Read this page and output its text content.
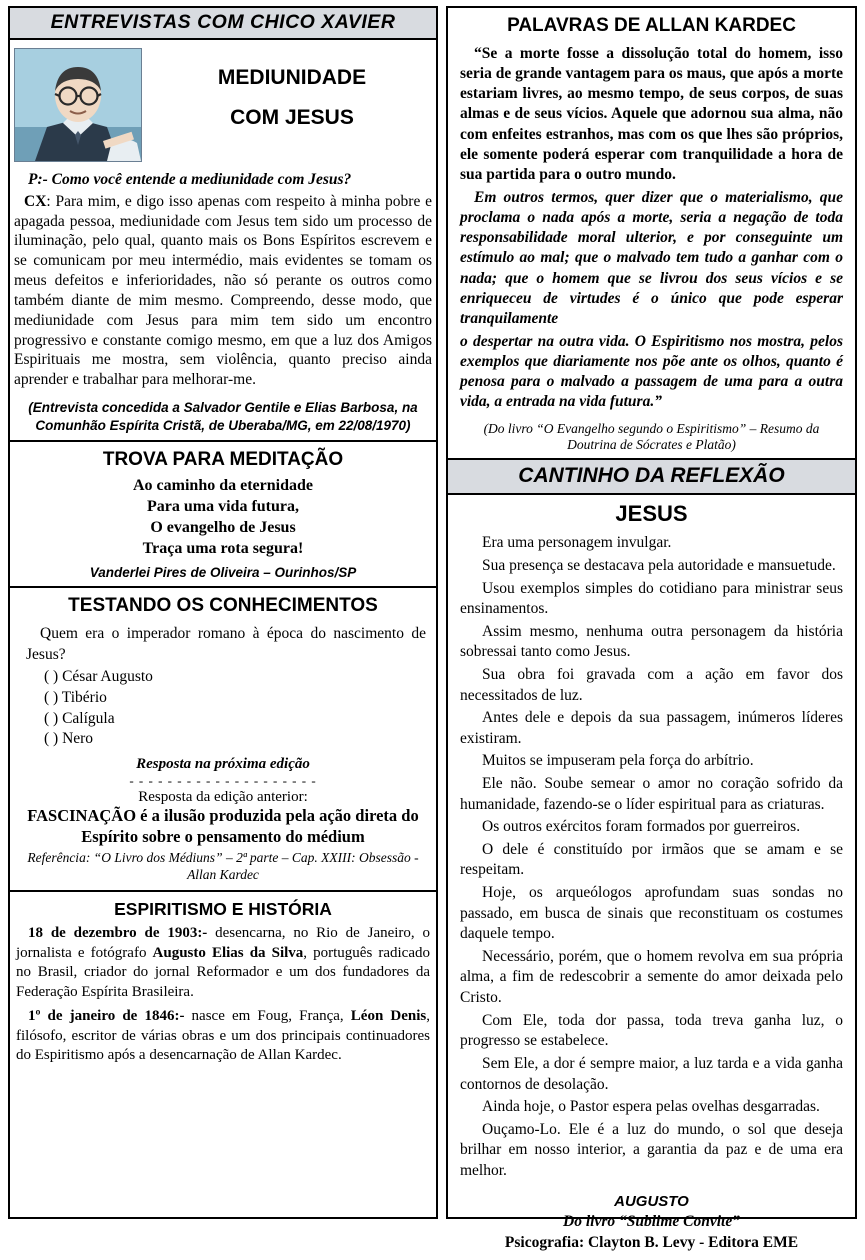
ENTREVISTAS COM CHICO XAVIER
MEDIUNIDADE
COM JESUS

P:- Como você entende a mediunidade com Jesus?

CX: Para mim, e digo isso apenas com respeito à minha pobre e apagada pessoa, mediunidade com Jesus tem sido um processo de iluminação, pelo qual, quanto mais os Bons Espíritos escrevem e se comunicam por meu intermédio, mais evidentes se tomam os meus defeitos e inferioridades, não só perante os outros como também diante de mim mesmo. Compreendo, desse modo, que mediunidade com Jesus para mim tem sido um encontro progressivo e constante comigo mesmo, em que a luz dos Amigos Espirituais me mostra, sem violência, quanto preciso ainda aprender e trabalhar para melhorar-me.

(Entrevista concedida a Salvador Gentile e Elias Barbosa, na Comunhão Espírita Cristã, de Uberaba/MG, em 22/08/1970)
TROVA PARA MEDITAÇÃO
Ao caminho da eternidade
Para uma vida futura,
O evangelho de Jesus
Traça uma rota segura!
Vanderlei Pires de Oliveira – Ourinhos/SP
TESTANDO OS CONHECIMENTOS
Quem era o imperador romano à época do nascimento de Jesus?
( ) César Augusto
( ) Tibério
( ) Calígula
( ) Nero
Resposta na próxima edição
- - - - - - - - - - - - - - - - - - - -
Resposta da edição anterior:
FASCINAÇÃO é a ilusão produzida pela ação direta do Espírito sobre o pensamento do médium
Referência: “O Livro dos Médiuns” – 2ª parte – Cap. XXIII: Obsessão - Allan Kardec
ESPIRITISMO E HISTÓRIA

18 de dezembro de 1903:- desencarna, no Rio de Janeiro, o jornalista e fotógrafo Augusto Elias da Silva, português radicado no Brasil, criador do jornal Reformador e um dos fundadores da Federação Espírita Brasileira.

1º de janeiro de 1846:- nasce em Foug, França, Léon Denis, filósofo, escritor de várias obras e um dos principais continuadores do Espiritismo após a desencarnação de Allan Kardec.

PALAVRAS DE ALLAN KARDEC

“Se a morte fosse a dissolução total do homem, isso seria de grande vantagem para os maus, que após a morte estariam livres, ao mesmo tempo, de seus corpos, de suas almas e de seus vícios. Aquele que adornou sua alma, não com enfeites estranhos, mas com os que lhes são próprios, ele somente poderá esperar com tranquilidade a hora de sua partida para o outro mundo.

Em outros termos, quer dizer que o materialismo, que proclama o nada após a morte, seria a negação de toda responsabilidade moral ulterior, e por conseguinte um estímulo ao mal; que o malvado tem tudo a ganhar com o nada; que o homem que se livrou dos seus vícios e se enriqueceu de virtudes é o único que pode esperar tranquilamente

o despertar na outra vida. O Espiritismo nos mostra, pelos exemplos que diariamente nos põe ante os olhos, quanto é penosa para o malvado a passagem de uma para a outra vida, a entrada na vida futura.”

(Do livro “O Evangelho segundo o Espiritismo” – Resumo da Doutrina de Sócrates e Platão)
CANTINHO DA REFLEXÃO
JESUS

Era uma personagem invulgar.

Sua presença se destacava pela autoridade e mansuetude.

Usou exemplos simples do cotidiano para ministrar seus ensinamentos.

Assim mesmo, nenhuma outra personagem da história sobressai tanto como Jesus.

Sua obra foi gravada com a ação em favor dos necessitados de luz.

Antes dele e depois da sua passagem, inúmeros líderes existiram.

Muitos se impuseram pela força do arbítrio.

Ele não. Soube semear o amor no coração sofrido da humanidade, fazendo-se o líder espiritual para as criaturas.

Os outros exércitos foram formados por guerreiros.

O dele é constituído por irmãos que se amam e se respeitam.

Hoje, os arqueólogos aprofundam suas sondas no passado, em busca de sinais que reconstituam os costumes daquele tempo.

Necessário, porém, que o homem revolva em sua própria alma, a fim de redescobrir a semente do amor deixada pelo Cristo.

Com Ele, toda dor passa, toda treva ganha luz, o progresso se estabelece.

Sem Ele, a dor é sempre maior, a luz tarda e a vida ganha contornos de desolação.

Ainda hoje, o Pastor espera pelas ovelhas desgarradas.

Ouçamo-Lo. Ele é a luz do mundo, o sol que deseja brilhar em nosso interior, a garantia da paz e de uma era melhor.

AUGUSTO
Do livro “Sublime Convite”
Psicografia: Clayton B. Levy - Editora EME
